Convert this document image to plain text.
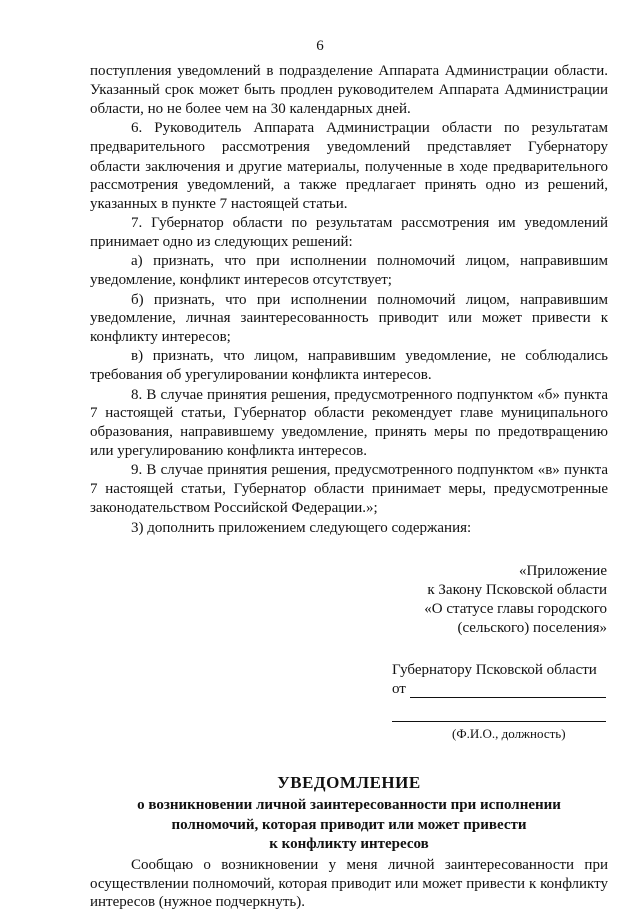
6
поступления уведомлений в подразделение Аппарата Администрации области.
Указанный срок может быть продлен руководителем Аппарата Администрации
области, но не более чем на 30 календарных дней.
6. Руководитель Аппарата Администрации области по результатам
предварительного рассмотрения уведомлений представляет Губернатору
области заключения и другие материалы, полученные в ходе предварительного
рассмотрения уведомлений, а также предлагает принять одно из решений,
указанных в пункте 7 настоящей статьи.
7. Губернатор области по результатам рассмотрения им уведомлений
принимает одно из следующих решений:
а) признать, что при исполнении полномочий лицом, направившим
уведомление, конфликт интересов отсутствует;
б) признать, что при исполнении полномочий лицом, направившим
уведомление, личная заинтересованность приводит или может привести к
конфликту интересов;
в) признать, что лицом, направившим уведомление, не соблюдались
требования об урегулировании конфликта интересов.
8. В случае принятия решения, предусмотренного подпунктом «б» пункта
7 настоящей статьи, Губернатор области рекомендует главе муниципального
образования, направившему уведомление, принять меры по предотвращению
или урегулированию конфликта интересов.
9. В случае принятия решения, предусмотренного подпунктом «в» пункта
7 настоящей статьи, Губернатор области принимает меры, предусмотренные
законодательством Российской Федерации.»;
3) дополнить приложением следующего содержания:
«Приложение
к Закону Псковской области
«О статусе главы городского
(сельского) поселения»
Губернатору Псковской области
от
(Ф.И.О., должность)
УВЕДОМЛЕНИЕ
о возникновении личной заинтересованности при исполнении
полномочий, которая приводит или может привести
к конфликту интересов
Сообщаю о возникновении у меня личной заинтересованности при
осуществлении полномочий, которая приводит или может привести к конфликту
интересов (нужное подчеркнуть).
